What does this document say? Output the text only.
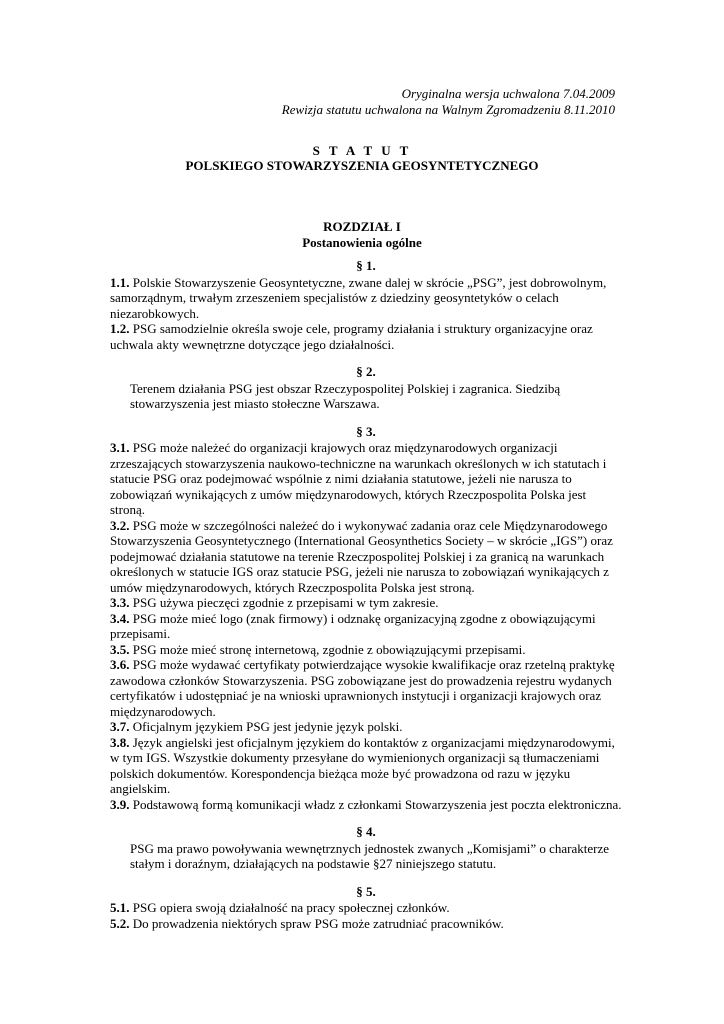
Oryginalna wersja uchwalona 7.04.2009
Rewizja statutu uchwalona na Walnym Zgromadzeniu 8.11.2010
S T A T U T
POLSKIEGO STOWARZYSZENIA GEOSYNTETYCZNEGO
ROZDZIAŁ I
Postanowienia ogólne
§ 1.

1.1. Polskie Stowarzyszenie Geosyntetyczne, zwane dalej w skrócie „PSG”, jest dobrowolnym, samorządnym, trwałym zrzeszeniem specjalistów z dziedziny geosyntetyków o celach niezarobkowych.

1.2. PSG samodzielnie określa swoje cele, programy działania i struktury organizacyjne oraz uchwala akty wewnętrzne dotyczące jego działalności.

§ 2.

Terenem działania PSG jest obszar Rzeczypospolitej Polskiej i zagranica. Siedzibą stowarzyszenia jest miasto stołeczne Warszawa.

§ 3.

3.1. PSG może należeć do organizacji krajowych oraz międzynarodowych organizacji zrzeszających stowarzyszenia naukowo-techniczne na warunkach określonych w ich statutach i statucie PSG oraz podejmować wspólnie z nimi działania statutowe, jeżeli nie narusza to zobowiązań wynikających z umów międzynarodowych, których Rzeczpospolita Polska jest stroną.

3.2. PSG może w szczególności należeć do i wykonywać zadania oraz cele Międzynarodowego Stowarzyszenia Geosyntetycznego (International Geosynthetics Society – w skrócie „IGS”) oraz podejmować działania statutowe na terenie Rzeczpospolitej Polskiej i za granicą na warunkach określonych w statucie IGS oraz statucie PSG, jeżeli nie narusza to zobowiązań wynikających z umów międzynarodowych, których Rzeczpospolita Polska jest stroną.

3.3. PSG używa pieczęci zgodnie z przepisami w tym zakresie.

3.4. PSG może mieć logo (znak firmowy) i odznakę organizacyjną zgodne z obowiązującymi przepisami.

3.5. PSG może mieć stronę internetową, zgodnie z obowiązującymi przepisami.

3.6. PSG może wydawać certyfikaty potwierdzające wysokie kwalifikacje oraz rzetelną praktykę zawodowa członków Stowarzyszenia. PSG zobowiązane jest do prowadzenia rejestru wydanych certyfikatów i udostępniać je na wnioski uprawnionych instytucji i organizacji krajowych oraz międzynarodowych.

3.7. Oficjalnym językiem PSG jest jedynie język polski.

3.8. Język angielski jest oficjalnym językiem do kontaktów z organizacjami międzynarodowymi, w tym IGS. Wszystkie dokumenty przesyłane do wymienionych organizacji są tłumaczeniami polskich dokumentów. Korespondencja bieżąca może być prowadzona od razu w języku angielskim.

3.9. Podstawową formą komunikacji władz z członkami Stowarzyszenia jest poczta elektroniczna.

§ 4.

PSG ma prawo powoływania wewnętrznych jednostek zwanych „Komisjami” o charakterze stałym i doraźnym, działających na podstawie §27 niniejszego statutu.

§ 5.

5.1. PSG opiera swoją działalność na pracy społecznej członków.

5.2. Do prowadzenia niektórych spraw PSG może zatrudniać pracowników.
